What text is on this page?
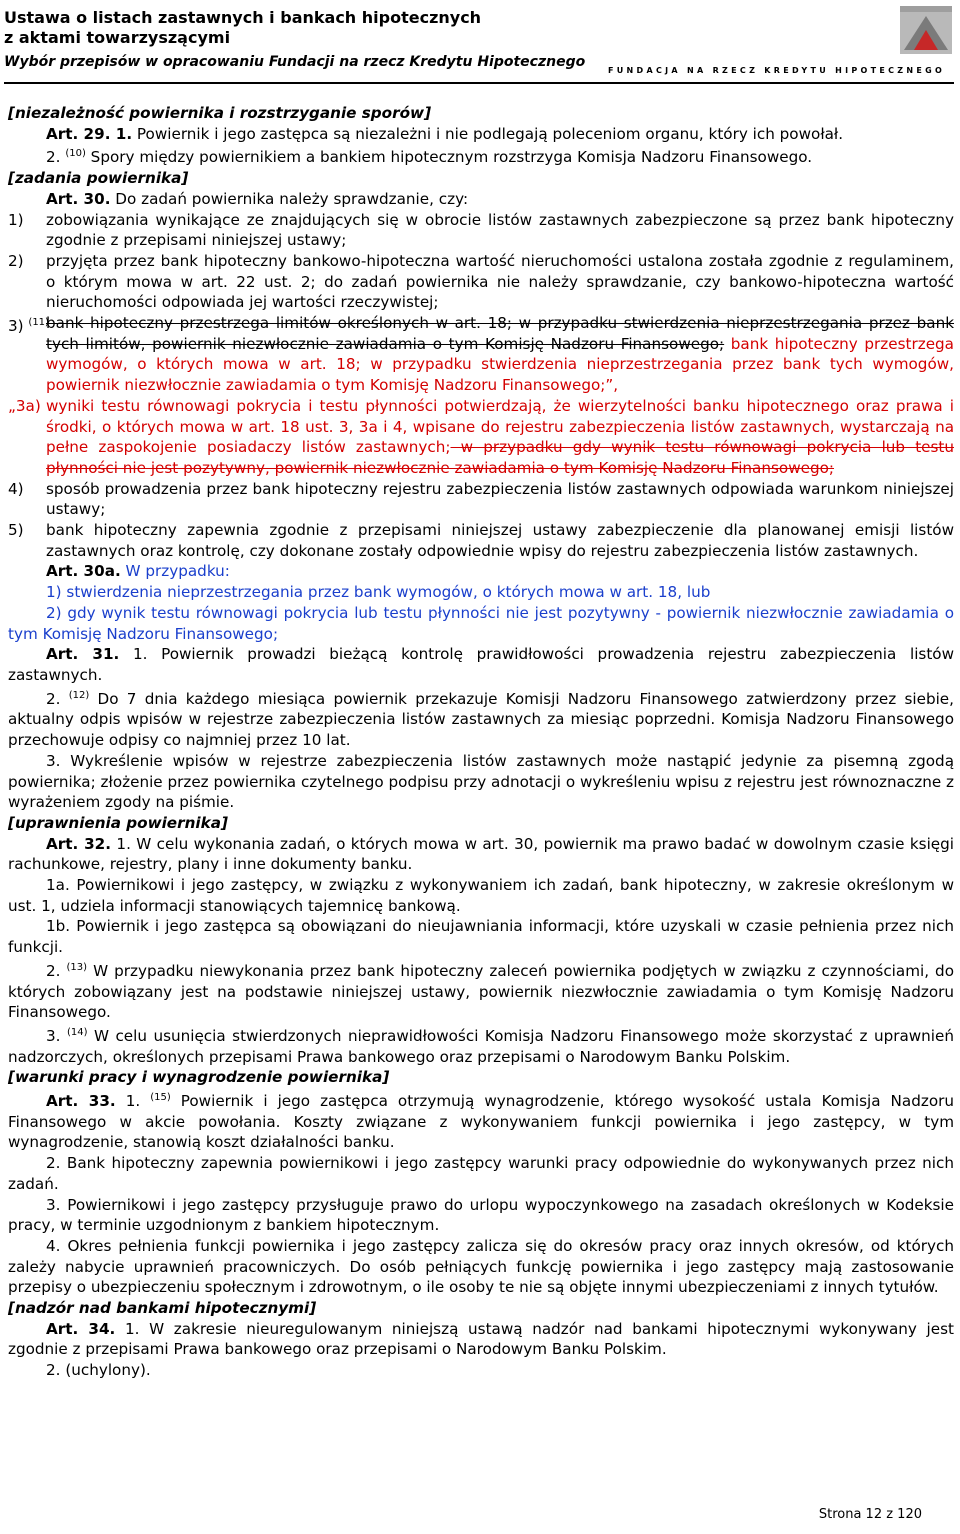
Ustawa o listach zastawnych i bankach hipotecznych
z aktami towarzyszącymi
Wybór przepisów w opracowaniu Fundacji na rzecz Kredytu Hipotecznego
FUNDACJA NA RZECZ KREDYTU HIPOTECZNEGO

[niezależność powiernika i rozstrzyganie sporów]

Art. 29. 1. Powiernik i jego zastępca są niezależni i nie podlegają poleceniom organu, który ich powołał.

2. $^{(10)}$ Spory między powiernikiem a bankiem hipotecznym rozstrzyga Komisja Nadzoru Finansowego.

[zadania powiernika]

Art. 30. Do zadań powiernika należy sprawdzanie, czy:

1) zobowiązania wynikające ze znajdujących się w obrocie listów zastawnych zabezpieczone są przez bank hipoteczny zgodnie z przepisami niniejszej ustawy;

2) przyjęta przez bank hipoteczny bankowo-hipoteczna wartość nieruchomości ustalona została zgodnie z regulaminem, o którym mowa w art. 22 ust. 2; do zadań powiernika nie należy sprawdzanie, czy bankowo-hipoteczna wartość nieruchomości odpowiada jej wartości rzeczywistej;

3) $^{(11)}$
bank hipoteczny przestrzega limitów określonych w art. 18; w przypadku stwierdzenia nieprzestrzegania przez bank tych limitów, powiernik niezwłocznie zawiadamia o tym Komisję Nadzoru Finansowego; bank hipoteczny przestrzega wymogów, o których mowa w art. 18; w przypadku stwierdzenia nieprzestrzegania przez bank tych wymogów, powiernik niezwłocznie zawiadamia o tym Komisję Nadzoru Finansowego;”,

„3a) wyniki testu równowagi pokrycia i testu płynności potwierdzają, że wierzytelności banku hipotecznego oraz prawa i środki, o których mowa w art. 18 ust. 3, 3a i 4, wpisane do rejestru zabezpieczenia listów zastawnych, wystarczają na pełne zaspokojenie posiadaczy listów zastawnych; w przypadku gdy wynik testu równowagi pokrycia lub testu płynności nie jest pozytywny, powiernik niezwłocznie zawiadamia o tym Komisję Nadzoru Finansowego;

4) sposób prowadzenia przez bank hipoteczny rejestru zabezpieczenia listów zastawnych odpowiada warunkom niniejszej ustawy;

5) bank hipoteczny zapewnia zgodnie z przepisami niniejszej ustawy zabezpieczenie dla planowanej emisji listów zastawnych oraz kontrolę, czy dokonane zostały odpowiednie wpisy do rejestru zabezpieczenia listów zastawnych.

Art. 30a. W przypadku:

1) stwierdzenia nieprzestrzegania przez bank wymogów, o których mowa w art. 18, lub

2) gdy wynik testu równowagi pokrycia lub testu płynności nie jest pozytywny - powiernik niezwłocznie zawiadamia o tym Komisję Nadzoru Finansowego;

Art. 31. 1. Powiernik prowadzi bieżącą kontrolę prawidłowości prowadzenia rejestru zabezpieczenia listów zastawnych.

2. $^{(12)}$ Do 7 dnia każdego miesiąca powiernik przekazuje Komisji Nadzoru Finansowego zatwierdzony przez siebie, aktualny odpis wpisów w rejestrze zabezpieczenia listów zastawnych za miesiąc poprzedni. Komisja Nadzoru Finansowego przechowuje odpisy co najmniej przez 10 lat.

3. Wykreślenie wpisów w rejestrze zabezpieczenia listów zastawnych może nastąpić jedynie za pisemną zgodą powiernika; złożenie przez powiernika czytelnego podpisu przy adnotacji o wykreśleniu wpisu z rejestru jest równoznaczne z wyrażeniem zgody na piśmie.

[uprawnienia powiernika]

Art. 32. 1. W celu wykonania zadań, o których mowa w art. 30, powiernik ma prawo badać w dowolnym czasie księgi rachunkowe, rejestry, plany i inne dokumenty banku.

1a. Powiernikowi i jego zastępcy, w związku z wykonywaniem ich zadań, bank hipoteczny, w zakresie określonym w ust. 1, udziela informacji stanowiących tajemnicę bankową.

1b. Powiernik i jego zastępca są obowiązani do nieujawniania informacji, które uzyskali w czasie pełnienia przez nich funkcji.

2. $^{(13)}$ W przypadku niewykonania przez bank hipoteczny zaleceń powiernika podjętych w związku z czynnościami, do których zobowiązany jest na podstawie niniejszej ustawy, powiernik niezwłocznie zawiadamia o tym Komisję Nadzoru Finansowego.

3. $^{(14)}$ W celu usunięcia stwierdzonych nieprawidłowości Komisja Nadzoru Finansowego może skorzystać z uprawnień nadzorczych, określonych przepisami Prawa bankowego oraz przepisami o Narodowym Banku Polskim.

[warunki pracy i wynagrodzenie powiernika]

Art. 33. 1. $^{(15)}$ Powiernik i jego zastępca otrzymują wynagrodzenie, którego wysokość ustala Komisja Nadzoru Finansowego w akcie powołania. Koszty związane z wykonywaniem funkcji powiernika i jego zastępcy, w tym wynagrodzenie, stanowią koszt działalności banku.

2. Bank hipoteczny zapewnia powiernikowi i jego zastępcy warunki pracy odpowiednie do wykonywanych przez nich zadań.

3. Powiernikowi i jego zastępcy przysługuje prawo do urlopu wypoczynkowego na zasadach określonych w Kodeksie pracy, w terminie uzgodnionym z bankiem hipotecznym.

4. Okres pełnienia funkcji powiernika i jego zastępcy zalicza się do okresów pracy oraz innych okresów, od których zależy nabycie uprawnień pracowniczych. Do osób pełniących funkcję powiernika i jego zastępcy mają zastosowanie przepisy o ubezpieczeniu społecznym i zdrowotnym, o ile osoby te nie są objęte innymi ubezpieczeniami z innych tytułów.

[nadzór nad bankami hipotecznymi]

Art. 34. 1. W zakresie nieuregulowanym niniejszą ustawą nadzór nad bankami hipotecznymi wykonywany jest zgodnie z przepisami Prawa bankowego oraz przepisami o Narodowym Banku Polskim.

2. (uchylony).

Strona 12 z 120
